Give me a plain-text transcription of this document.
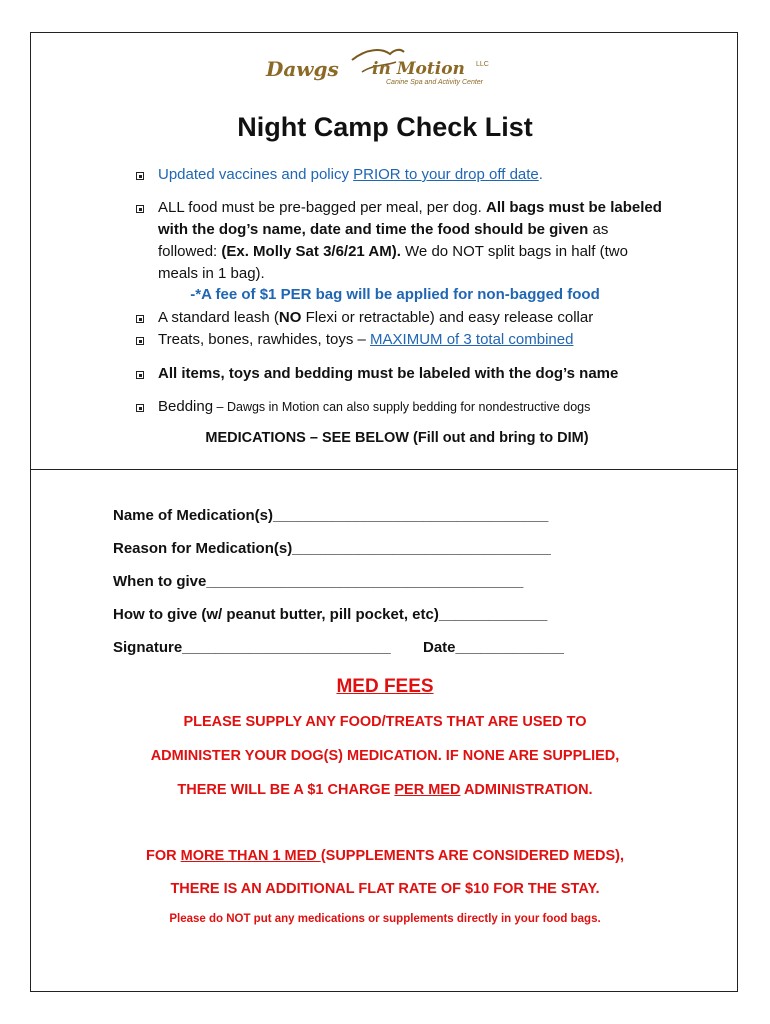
Dawgs in Motion LLC
Canine Spa and Activity Center
Night Camp Check List
Updated vaccines and policy PRIOR to your drop off date.
ALL food must be pre-bagged per meal, per dog. All bags must be labeled with the dog’s name, date and time the food should be given as followed: (Ex. Molly Sat 3/6/21 AM). We do NOT split bags in half (two meals in 1 bag).
-*A fee of $1 PER bag will be applied for non-bagged food
A standard leash (NO Flexi or retractable) and easy release collar
Treats, bones, rawhides, toys – MAXIMUM of 3 total combined
All items, toys and bedding must be labeled with the dog’s name
Bedding – Dawgs in Motion can also supply bedding for nondestructive dogs
MEDICATIONS – SEE BELOW (Fill out and bring to DIM)
Name of Medication(s)_________________________________
Reason for Medication(s)_______________________________
When to give______________________________________
How to give (w/ peanut butter, pill pocket, etc)_____________
Signature_________________________ Date_____________
MED FEES
PLEASE SUPPLY ANY FOOD/TREATS THAT ARE USED TO
ADMINISTER YOUR DOG(S) MEDICATION. IF NONE ARE SUPPLIED,
THERE WILL BE A $1 CHARGE PER MED ADMINISTRATION.
FOR MORE THAN 1 MED (SUPPLEMENTS ARE CONSIDERED MEDS),
THERE IS AN ADDITIONAL FLAT RATE OF $10 FOR THE STAY.
Please do NOT put any medications or supplements directly in your food bags.
